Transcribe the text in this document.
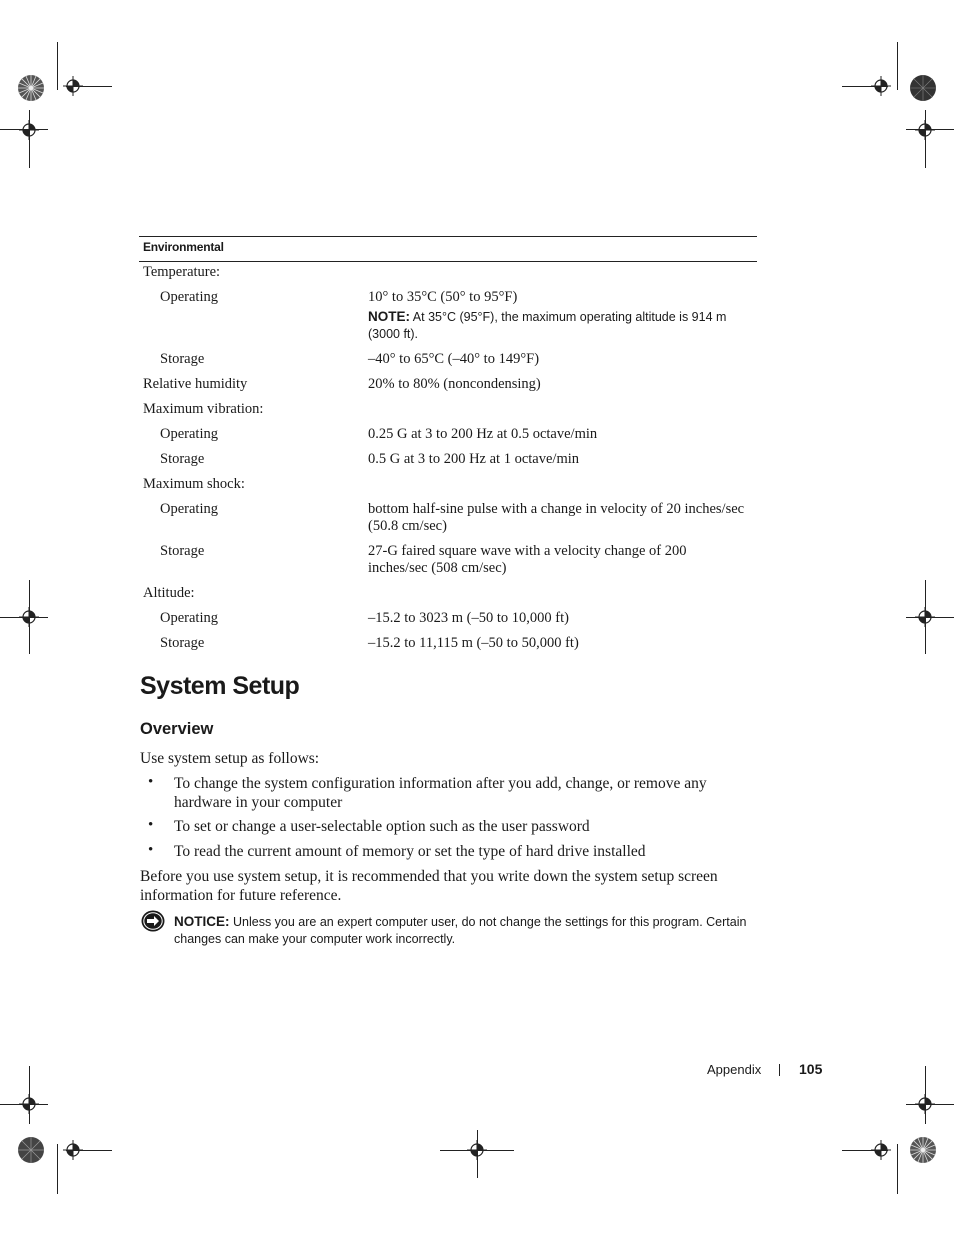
Environmental
Temperature:
Operating	10° to 35°C (50° to 95°F)
NOTE: At 35°C (95°F), the maximum operating altitude is 914 m (3000 ft).
Storage	–40° to 65°C (–40° to 149°F)
Relative humidity	20% to 80% (noncondensing)
Maximum vibration:
Operating	0.25 G at 3 to 200 Hz at 0.5 octave/min
Storage	0.5 G at 3 to 200 Hz at 1 octave/min
Maximum shock:
Operating	bottom half-sine pulse with a change in velocity of 20 inches/sec (50.8 cm/sec)
Storage	27-G faired square wave with a velocity change of 200 inches/sec (508 cm/sec)
Altitude:
Operating	–15.2 to 3023 m (–50 to 10,000 ft)
Storage	–15.2 to 11,115 m (–50 to 50,000 ft)
System Setup
Overview
Use system setup as follows:
• To change the system configuration information after you add, change, or remove any hardware in your computer
• To set or change a user-selectable option such as the user password
• To read the current amount of memory or set the type of hard drive installed
Before you use system setup, it is recommended that you write down the system setup screen information for future reference.
NOTICE: Unless you are an expert computer user, do not change the settings for this program. Certain changes can make your computer work incorrectly.
Appendix	105
